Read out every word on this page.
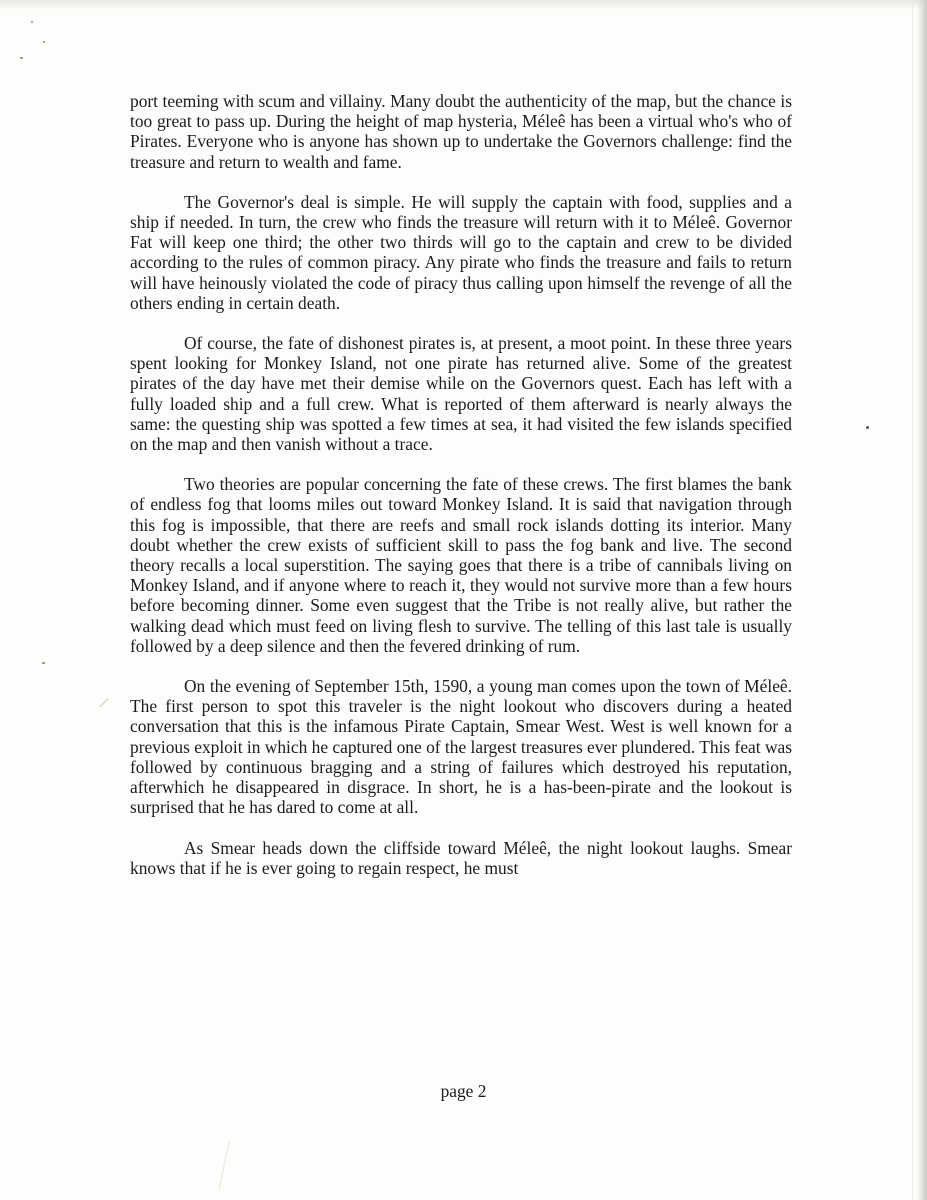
port teeming with scum and villainy. Many doubt the authenticity of the map, but the chance is too great to pass up. During the height of map hysteria, Méleê has been a virtual who's who of Pirates. Everyone who is anyone has shown up to undertake the Governors challenge: find the treasure and return to wealth and fame.

The Governor's deal is simple. He will supply the captain with food, supplies and a ship if needed. In turn, the crew who finds the treasure will return with it to Méleê. Governor Fat will keep one third; the other two thirds will go to the captain and crew to be divided according to the rules of common piracy. Any pirate who finds the treasure and fails to return will have heinously violated the code of piracy thus calling upon himself the revenge of all the others ending in certain death.

Of course, the fate of dishonest pirates is, at present, a moot point. In these three years spent looking for Monkey Island, not one pirate has returned alive. Some of the greatest pirates of the day have met their demise while on the Governors quest. Each has left with a fully loaded ship and a full crew. What is reported of them afterward is nearly always the same: the questing ship was spotted a few times at sea, it had visited the few islands specified on the map and then vanish without a trace.

Two theories are popular concerning the fate of these crews. The first blames the bank of endless fog that looms miles out toward Monkey Island. It is said that navigation through this fog is impossible, that there are reefs and small rock islands dotting its interior. Many doubt whether the crew exists of sufficient skill to pass the fog bank and live. The second theory recalls a local superstition. The saying goes that there is a tribe of cannibals living on Monkey Island, and if anyone where to reach it, they would not survive more than a few hours before becoming dinner. Some even suggest that the Tribe is not really alive, but rather the walking dead which must feed on living flesh to survive. The telling of this last tale is usually followed by a deep silence and then the fevered drinking of rum.

On the evening of September 15th, 1590, a young man comes upon the town of Méleê. The first person to spot this traveler is the night lookout who discovers during a heated conversation that this is the infamous Pirate Captain, Smear West. West is well known for a previous exploit in which he captured one of the largest treasures ever plundered. This feat was followed by continuous bragging and a string of failures which destroyed his reputation, afterwhich he disappeared in disgrace. In short, he is a has-been-pirate and the lookout is surprised that he has dared to come at all.

As Smear heads down the cliffside toward Méleê, the night lookout laughs. Smear knows that if he is ever going to regain respect, he must

page 2
